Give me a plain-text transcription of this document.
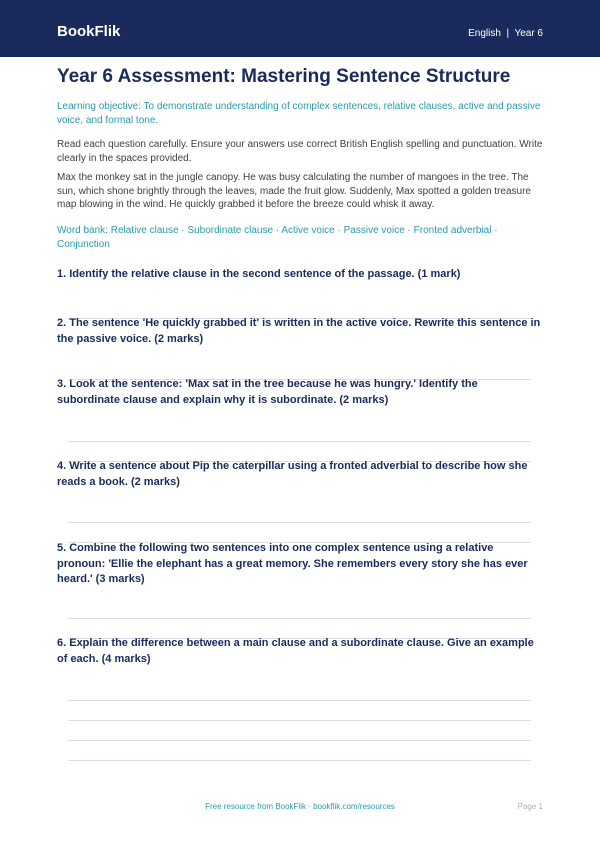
BookFlik	English  |  Year 6
Year 6 Assessment: Mastering Sentence Structure

Learning objective: To demonstrate understanding of complex sentences, relative clauses, active and passive voice, and formal tone.

Read each question carefully. Ensure your answers use correct British English spelling and punctuation. Write clearly in the spaces provided.

Max the monkey sat in the jungle canopy. He was busy calculating the number of mangoes in the tree. The sun, which shone brightly through the leaves, made the fruit glow. Suddenly, Max spotted a golden treasure map blowing in the wind. He quickly grabbed it before the breeze could whisk it away.

Word bank: Relative clause · Subordinate clause · Active voice · Passive voice · Fronted adverbial · Conjunction

1. Identify the relative clause in the second sentence of the passage. (1 mark)
2. The sentence 'He quickly grabbed it' is written in the active voice. Rewrite this sentence in the passive voice. (2 marks)
3. Look at the sentence: 'Max sat in the tree because he was hungry.' Identify the subordinate clause and explain why it is subordinate. (2 marks)
4. Write a sentence about Pip the caterpillar using a fronted adverbial to describe how she reads a book. (2 marks)
5. Combine the following two sentences into one complex sentence using a relative pronoun: 'Ellie the elephant has a great memory. She remembers every story she has ever heard.' (3 marks)
6. Explain the difference between a main clause and a subordinate clause. Give an example of each. (4 marks)
Free resource from BookFlik · bookflik.com/resources	Page 1
